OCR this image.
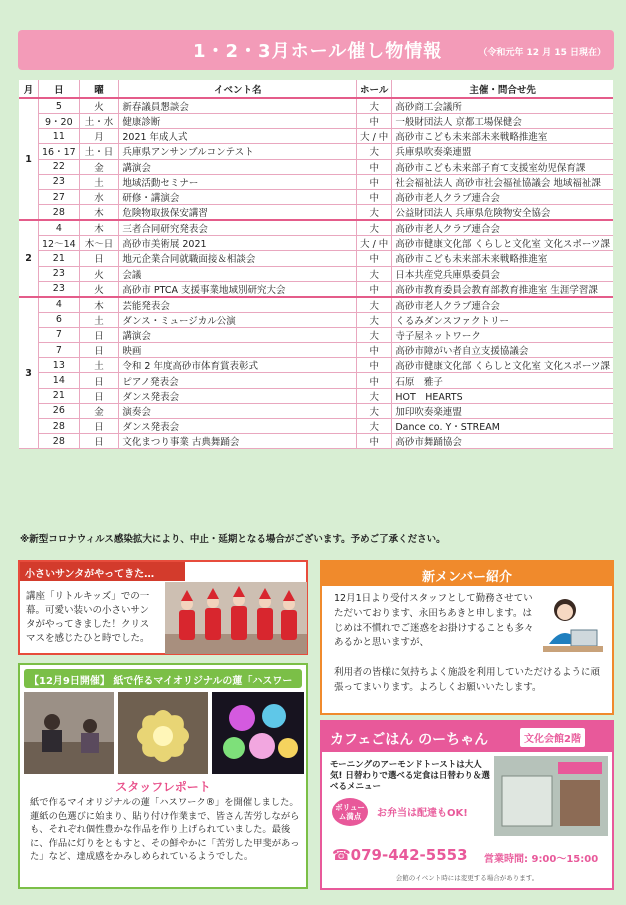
1・2・3月ホール催し物情報	（令和元年 12 月 15 日現在）
月	日	曜	イベント名	ホール	主催・問合せ先
1	5	火	新春議員懇談会	大	高砂商工会議所
	9・20	土・水	健康診断	中	一般財団法人 京都工場保健会
	11	月	2021 年成人式	大 / 中	高砂市こども未来部未来戦略推進室
	16・17	土・日	兵庫県アンサンブルコンテスト	大	兵庫県吹奏楽連盟
	22	金	講演会	中	高砂市こども未来部子育て支援室幼児保育課
	23	土	地域活動セミナー	中	社会福祉法人 高砂市社会福祉協議会 地域福祉課
	27	水	研修・講演会	中	高砂市老人クラブ連合会
	28	木	危険物取扱保安講習	大	公益財団法人 兵庫県危険物安全協会
2	4	木	三者合同研究発表会	大	高砂市老人クラブ連合会
	12～14	木～日	高砂市美術展 2021	大 / 中	高砂市健康文化部 くらしと文化室 文化スポーツ課
	21	日	地元企業合同就職面接＆相談会	中	高砂市こども未来部未来戦略推進室
	23	火	会議	大	日本共産党兵庫県委員会
	23	火	高砂市 PTCA 支援事業地域別研究大会	中	高砂市教育委員会教育部教育推進室 生涯学習課
3	4	木	芸能発表会	大	高砂市老人クラブ連合会
	6	土	ダンス・ミュージカル公演	大	くるみダンスファクトリー
	7	日	講演会	大	寺子屋ネットワーク
	7	日	映画	中	高砂市障がい者自立支援協議会
	13	土	令和 2 年度高砂市体育賞表彰式	中	高砂市健康文化部 くらしと文化室 文化スポーツ課
	14	日	ピアノ発表会	中	石原　雅子
	21	日	ダンス発表会	大	HOT　HEARTS
	26	金	演奏会	大	加印吹奏楽連盟
	28	日	ダンス発表会	大	Dance co. Y・STREAM
	28	日	文化まつり事業 古典舞踊会	中	高砂市舞踊協会
※新型コロナウィルス感染拡大により、中止・延期となる場合がございます。予めご了承ください。
小さいサンタがやってきた…
講座「リトルキッズ」での一幕。可愛い装いの小さいサンタがやってきました！クリスマスを感じたひと時でした。
【12月9日開催】 紙で作るマイオリジナルの蓮「ハスワー
スタッフレポート
紙で作るマイオリジナルの蓮「ハスワーク®」を開催しました。蓮紙の色選びに始まり、貼り付け作業まで、皆さん苦労しながらも、それぞれ個性豊かな作品を作り上げられていました。最後に、作品に灯りをともすと、その鮮やかに「苦労した甲斐があった」など、達成感をかみしめられているようでした。
新メンバー紹介
12月1日より受付スタッフとして勤務させていただいております、永田ちあきと申します。はじめは不慣れでご迷惑をお掛けすることも多々あるかと思いますが、
利用者の皆様に気持ちよく施設を利用していただけるように頑張ってまいります。よろしくお願いいたします。
カフェごはん のーちゃん	文化会館2階
モーニングのアーモンドトーストは大人気! 日替わりで選べる定食は日替わり＆選べるメニュー
ボリューム満点	お弁当は配達もOK!
☎079-442-5553 営業時間: 9:00～15:00
会館のイベント時には変更する場合があります。
